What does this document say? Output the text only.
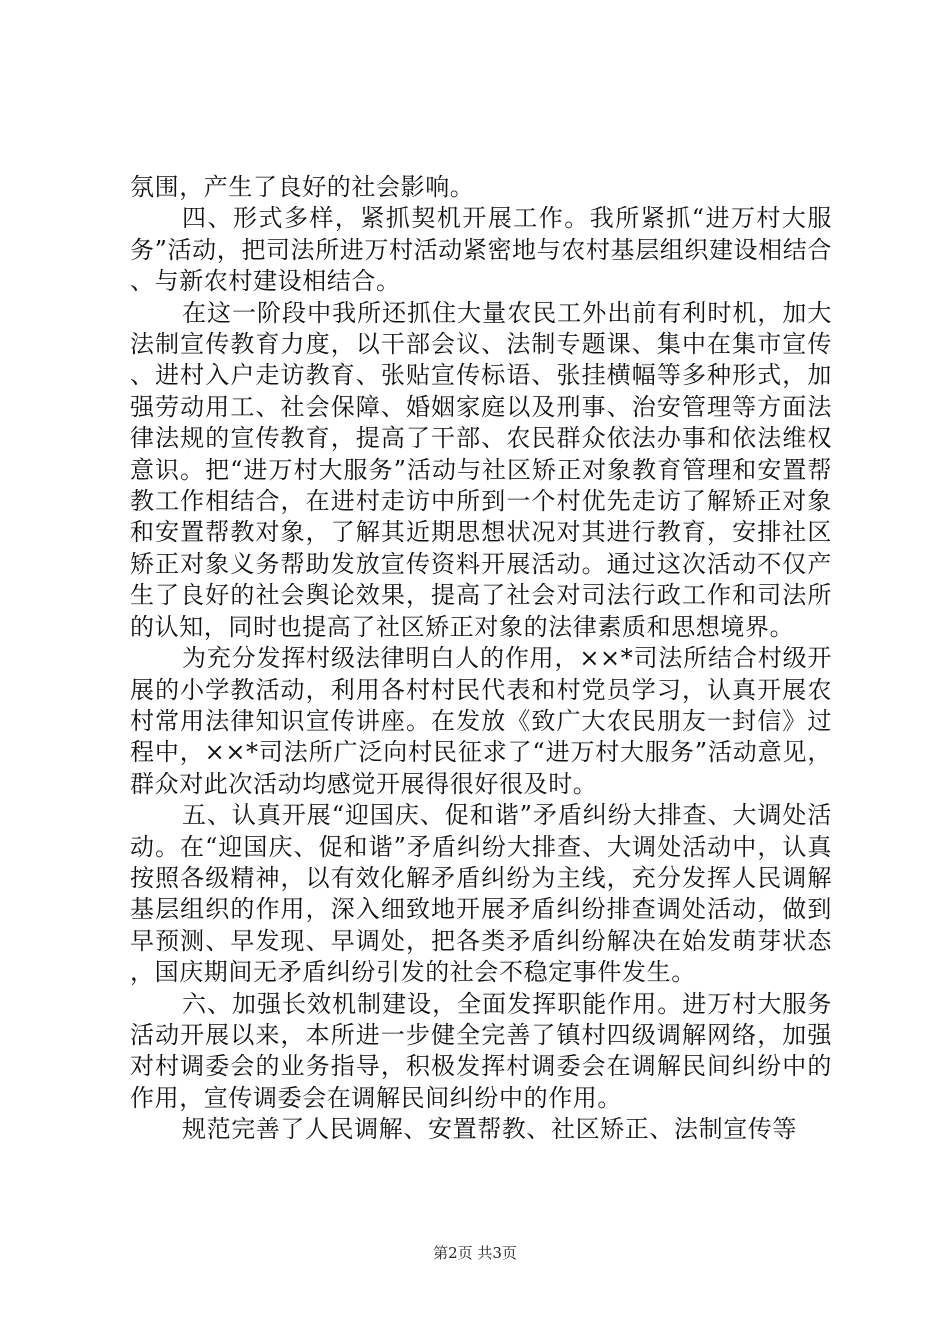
氛围，产生了良好的社会影响。

四、形式多样，紧抓契机开展工作。我所紧抓“进万村大服务”活动，把司法所进万村活动紧密地与农村基层组织建设相结合、与新农村建设相结合。

在这一阶段中我所还抓住大量农民工外出前有利时机，加大法制宣传教育力度，以干部会议、法制专题课、集中在集市宣传、进村入户走访教育、张贴宣传标语、张挂横幅等多种形式，加强劳动用工、社会保障、婚姻家庭以及刑事、治安管理等方面法律法规的宣传教育，提高了干部、农民群众依法办事和依法维权意识。把“进万村大服务”活动与社区矫正对象教育管理和安置帮教工作相结合，在进村走访中所到一个村优先走访了解矫正对象和安置帮教对象，了解其近期思想状况对其进行教育，安排社区矫正对象义务帮助发放宣传资料开展活动。通过这次活动不仅产生了良好的社会舆论效果，提高了社会对司法行政工作和司法所的认知，同时也提高了社区矫正对象的法律素质和思想境界。

为充分发挥村级法律明白人的作用，××*司法所结合村级开展的小学教活动，利用各村村民代表和村党员学习，认真开展农村常用法律知识宣传讲座。在发放《致广大农民朋友一封信》过程中，××*司法所广泛向村民征求了“进万村大服务”活动意见，群众对此次活动均感觉开展得很好很及时。

五、认真开展“迎国庆、促和谐”矛盾纠纷大排查、大调处活动。在“迎国庆、促和谐”矛盾纠纷大排查、大调处活动中，认真按照各级精神，以有效化解矛盾纠纷为主线，充分发挥人民调解基层组织的作用，深入细致地开展矛盾纠纷排查调处活动，做到早预测、早发现、早调处，把各类矛盾纠纷解决在始发萌芽状态，国庆期间无矛盾纠纷引发的社会不稳定事件发生。

六、加强长效机制建设，全面发挥职能作用。进万村大服务活动开展以来，本所进一步健全完善了镇村四级调解网络，加强对村调委会的业务指导，积极发挥村调委会在调解民间纠纷中的作用，宣传调委会在调解民间纠纷中的作用。

规范完善了人民调解、安置帮教、社区矫正、法制宣传等

第2页 共3页
